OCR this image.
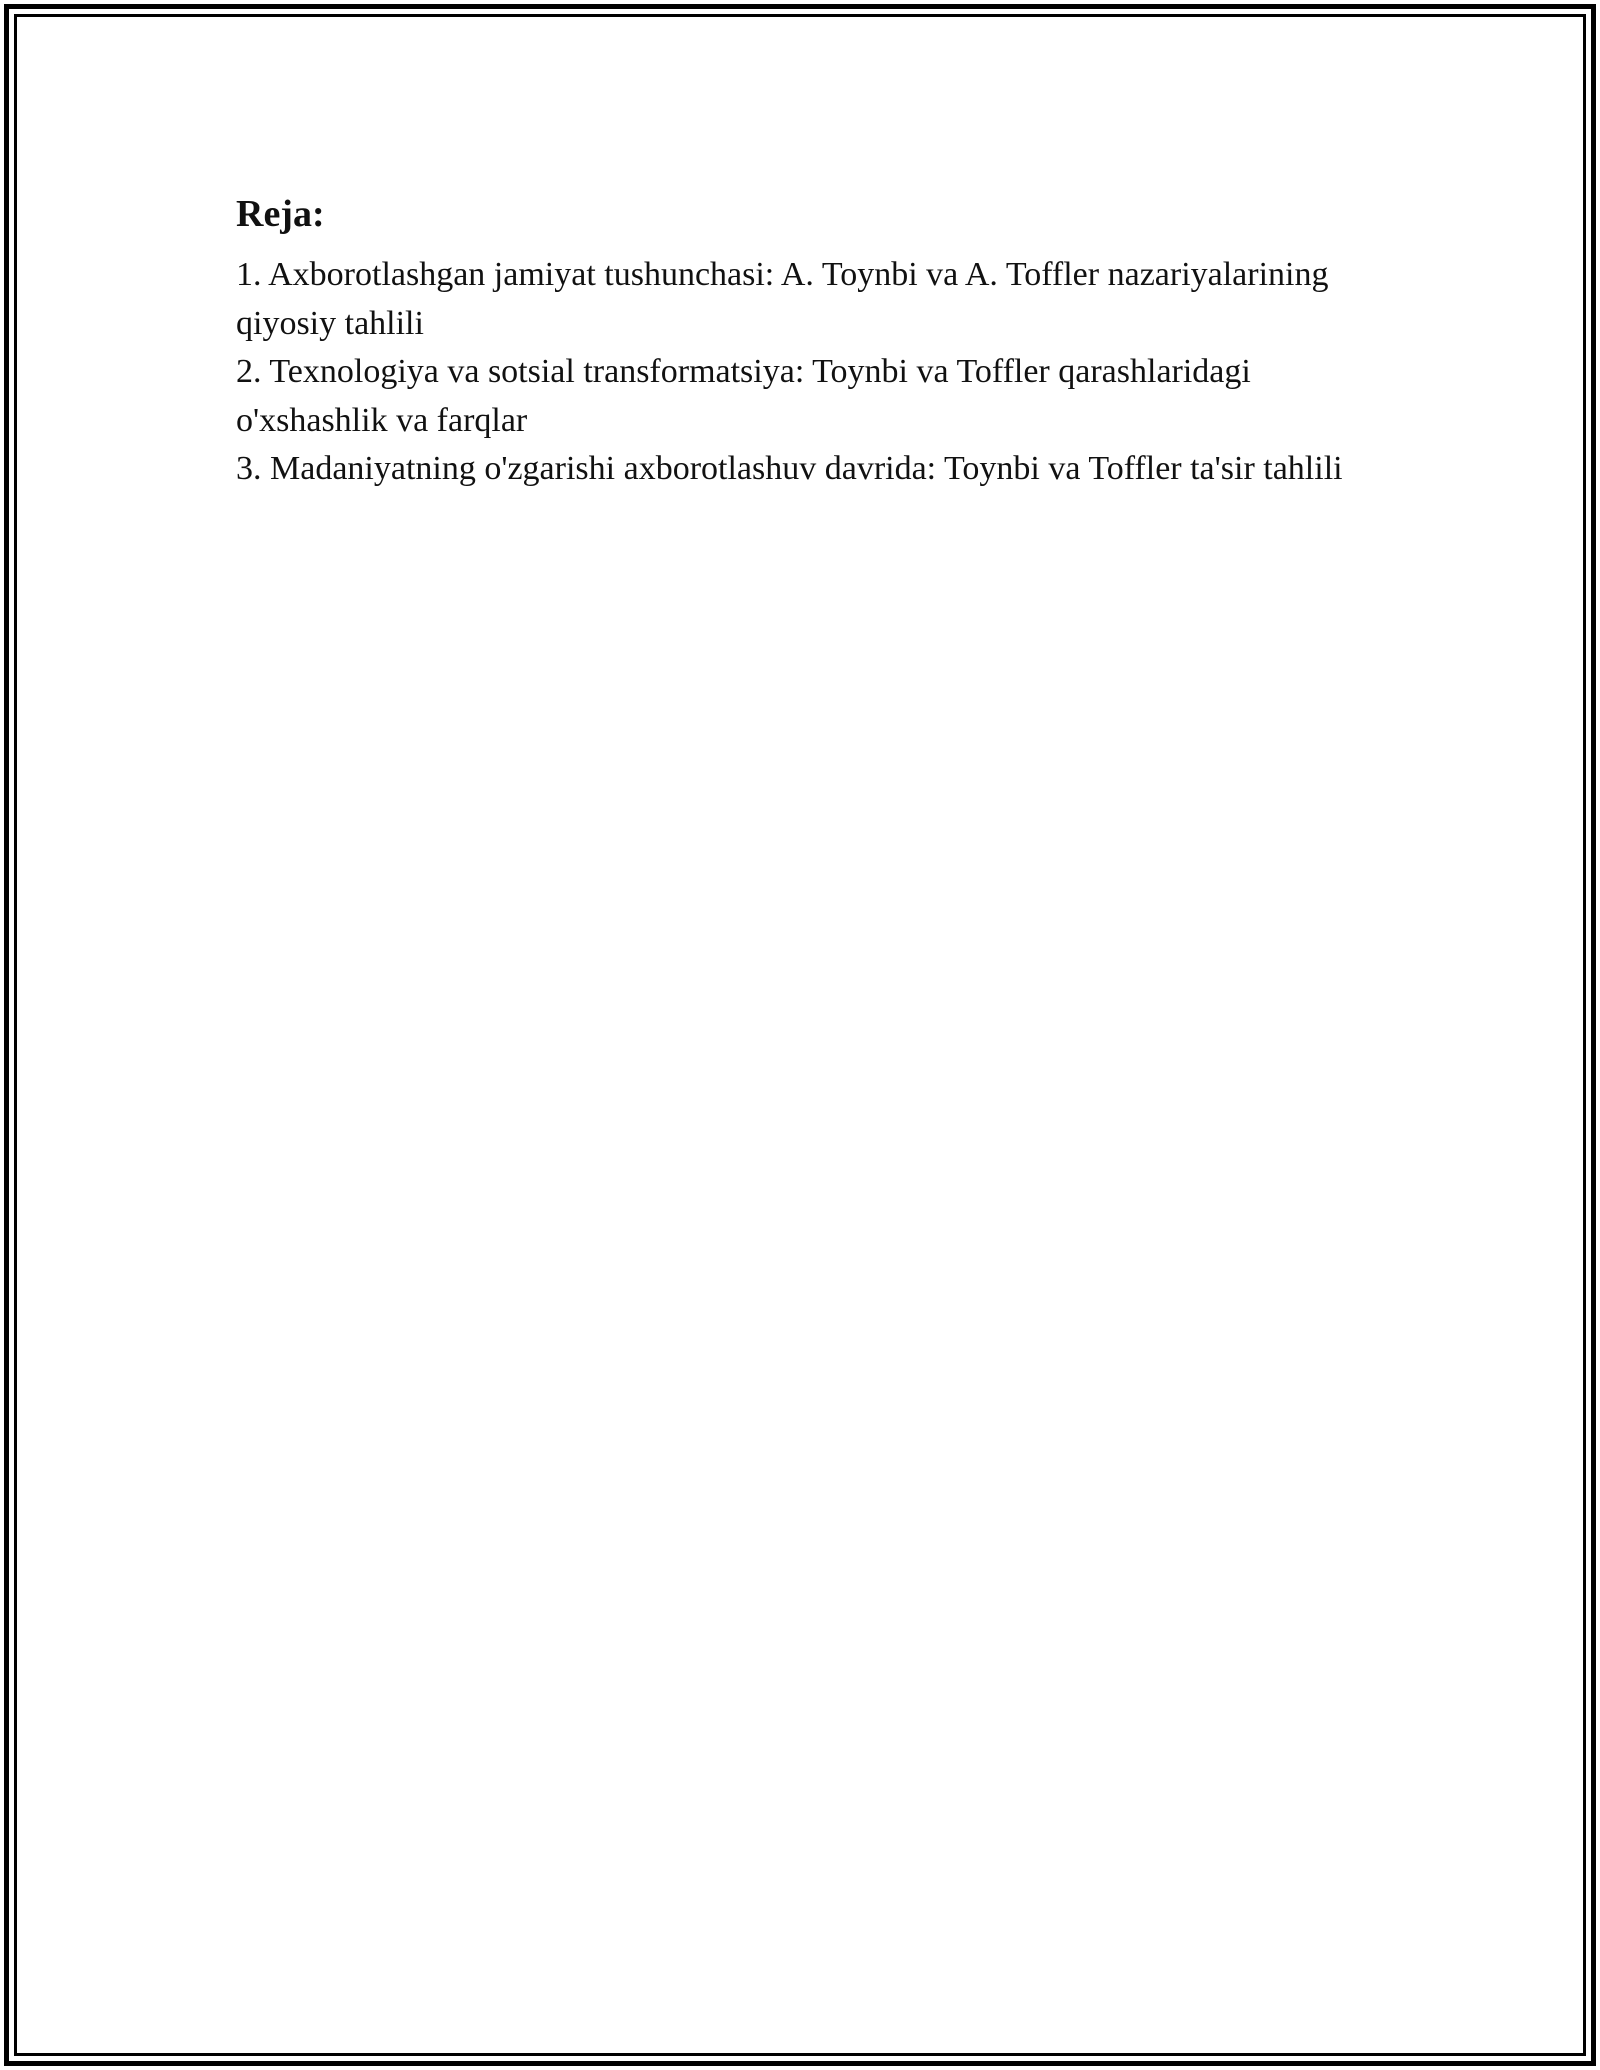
Reja:

1. Axborotlashgan jamiyat tushunchasi: A. Toynbi va A. Toffler nazariyalarining qiyosiy tahlili

2. Texnologiya va sotsial transformatsiya: Toynbi va Toffler qarashlaridagi o'xshashlik va farqlar

3. Madaniyatning o'zgarishi axborotlashuv davrida: Toynbi va Toffler ta'sir tahlili
